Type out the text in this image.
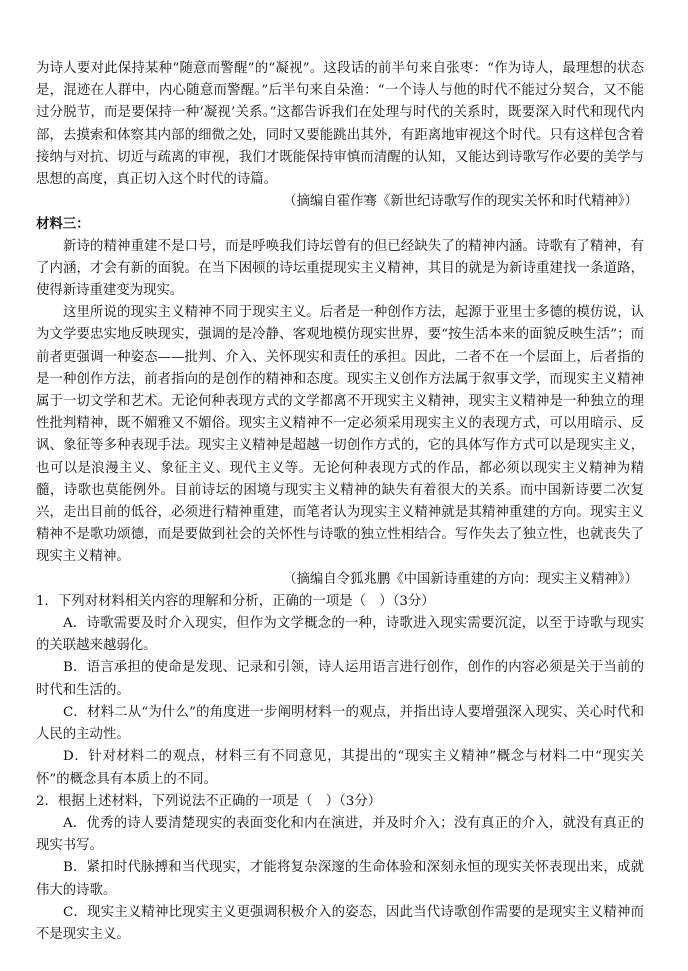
为诗人要对此保持某种“随意而警醒”的“凝视”。这段话的前半句来自张枣：“作为诗人，最理想的状态是，混迹在人群中，内心随意而警醒。”后半句来自朵渔：“一个诗人与他的时代不能过分契合，又不能过分脱节，而是要保持一种‘凝视’关系。”这都告诉我们在处理与时代的关系时，既要深入时代和现代内部，去摸索和体察其内部的细微之处，同时又要能跳出其外，有距离地审视这个时代。只有这样包含着接纳与对抗、切近与疏离的审视，我们才既能保持审慎而清醒的认知，又能达到诗歌写作必要的美学与思想的高度，真正切入这个时代的诗篇。

（摘编自霍作骞《新世纪诗歌写作的现实关怀和时代精神》）

材料三：

新诗的精神重建不是口号，而是呼唤我们诗坛曾有的但已经缺失了的精神内涵。诗歌有了精神，有了内涵，才会有新的面貌。在当下困顿的诗坛重提现实主义精神，其目的就是为新诗重建找一条道路，使得新诗重建变为现实。

这里所说的现实主义精神不同于现实主义。后者是一种创作方法，起源于亚里士多德的模仿说，认为文学要忠实地反映现实，强调的是冷静、客观地模仿现实世界，要“按生活本来的面貌反映生活”；而前者更强调一种姿态——批判、介入、关怀现实和责任的承担。因此，二者不在一个层面上，后者指的是一种创作方法，前者指向的是创作的精神和态度。现实主义创作方法属于叙事文学，而现实主义精神属于一切文学和艺术。无论何种表现方式的文学都离不开现实主义精神，现实主义精神是一种独立的理性批判精神，既不媚雅又不媚俗。现实主义精神不一定必须采用现实主义的表现方式，可以用暗示、反讽、象征等多种表现手法。现实主义精神是超越一切创作方式的，它的具体写作方式可以是现实主义，也可以是浪漫主义、象征主义、现代主义等。无论何种表现方式的作品，都必须以现实主义精神为精髓，诗歌也莫能例外。目前诗坛的困境与现实主义精神的缺失有着很大的关系。而中国新诗要二次复兴，走出目前的低谷，必须进行精神重建，而笔者认为现实主义精神就是其精神重建的方向。现实主义精神不是歌功颂德，而是要做到社会的关怀性与诗歌的独立性相结合。写作失去了独立性，也就丧失了现实主义精神。

（摘编自令狐兆鹏《中国新诗重建的方向：现实主义精神》）

1．下列对材料相关内容的理解和分析，正确的一项是（　）（3分）

A．诗歌需要及时介入现实，但作为文学概念的一种，诗歌进入现实需要沉淀，以至于诗歌与现实的关联越来越弱化。

B．语言承担的使命是发现、记录和引领，诗人运用语言进行创作，创作的内容必须是关于当前的时代和生活的。

C．材料二从“为什么”的角度进一步阐明材料一的观点，并指出诗人要增强深入现实、关心时代和人民的主动性。

D．针对材料二的观点，材料三有不同意见，其提出的“现实主义精神”概念与材料二中“现实关怀”的概念具有本质上的不同。

2．根据上述材料，下列说法不正确的一项是（　）（3分）

A．优秀的诗人要清楚现实的表面变化和内在演进，并及时介入；没有真正的介入，就没有真正的现实书写。

B．紧扣时代脉搏和当代现实，才能将复杂深邃的生命体验和深刻永恒的现实关怀表现出来，成就伟大的诗歌。

C．现实主义精神比现实主义更强调积极介入的姿态，因此当代诗歌创作需要的是现实主义精神而不是现实主义。
